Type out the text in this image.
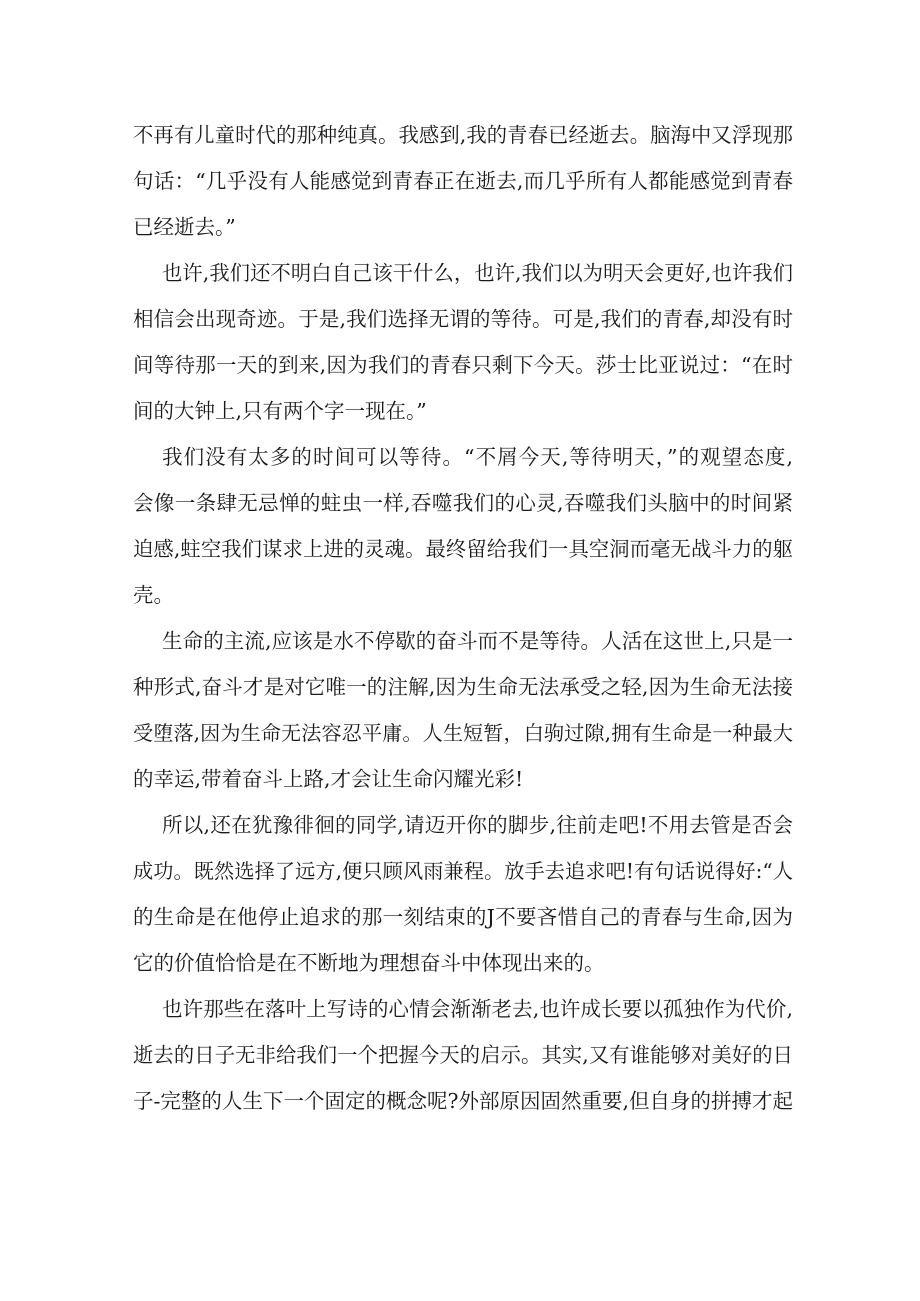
不再有儿童时代的那种纯真。我感到,我的青春已经逝去。脑海中又浮现那
句话：“几乎没有人能感觉到青春正在逝去,而几乎所有人都能感觉到青春
已经逝去。”
也许,我们还不明白自己该干什么，也许,我们以为明天会更好,也许我们
相信会出现奇迹。于是,我们选择无谓的等待。可是,我们的青春,却没有时
间等待那一天的到来,因为我们的青春只剩下今天。莎士比亚说过：“在时
间的大钟上,只有两个字一现在。”
我们没有太多的时间可以等待。“不屑今天,等待明天，”的观望态度,
会像一条肆无忌惮的蛀虫一样,吞噬我们的心灵,吞噬我们头脑中的时间紧
迫感,蛀空我们谋求上进的灵魂。最终留给我们一具空洞而毫无战斗力的躯
壳。
生命的主流,应该是水不停歇的奋斗而不是等待。人活在这世上,只是一
种形式,奋斗才是对它唯一的注解,因为生命无法承受之轻,因为生命无法接
受堕落,因为生命无法容忍平庸。人生短暂，白驹过隙,拥有生命是一种最大
的幸运,带着奋斗上路,才会让生命闪耀光彩!
所以,还在犹豫徘徊的同学,请迈开你的脚步,往前走吧!不用去管是否会
成功。既然选择了远方,便只顾风雨兼程。放手去追求吧!有句话说得好:“人
的生命是在他停止追求的那一刻结束的J不要吝惜自己的青春与生命,因为
它的价值恰恰是在不断地为理想奋斗中体现出来的。
也许那些在落叶上写诗的心情会渐渐老去,也许成长要以孤独作为代价,
逝去的日子无非给我们一个把握今天的启示。其实,又有谁能够对美好的日
子-完整的人生下一个固定的概念呢?外部原因固然重要,但自身的拼搏才起
